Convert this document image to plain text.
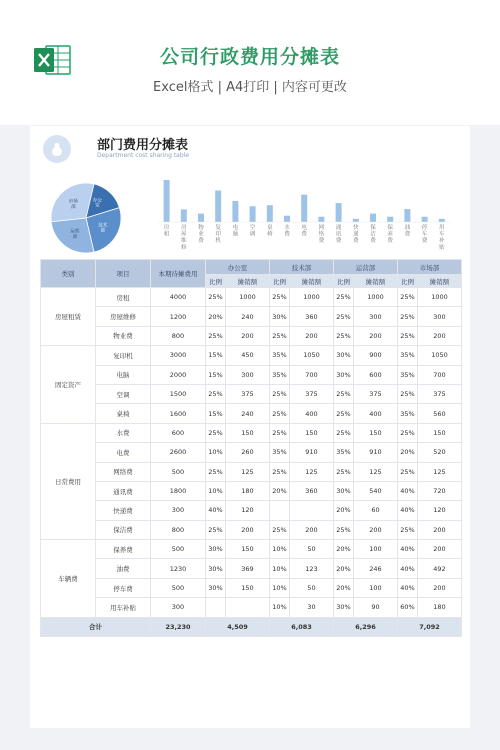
公司行政费用分摊表
Excel格式 | A4打印 | 内容可更改
部门费用分摊表
Department cost sharing table
办公室
技术部
运营部
市场部
房租
房屋维修
物业费
复印机
电脑
空调
桌椅
水费
电费
网络费
通讯费
快递费
保洁费
保养费
油费
停车费
用车补贴
类别	项目	本期待摊费用	办公室		技术部		运营部		市场部	
			比例	摊销额	比例	摊销额	比例	摊销额	比例	摊销额
房屋租赁	房租	4000	25%	1000	25%	1000	25%	1000	25%	1000
	房屋维修	1200	20%	240	30%	360	25%	300	25%	300
	物业费	800	25%	200	25%	200	25%	200	25%	200
固定资产	复印机	3000	15%	450	35%	1050	30%	900	35%	1050
	电脑	2000	15%	300	35%	700	30%	600	35%	700
	空调	1500	25%	375	25%	375	25%	375	25%	375
	桌椅	1600	15%	240	25%	400	25%	400	35%	560
日常费用	水费	600	25%	150	25%	150	25%	150	25%	150
	电费	2600	10%	260	35%	910	35%	910	20%	520
	网络费	500	25%	125	25%	125	25%	125	25%	125
	通讯费	1800	10%	180	20%	360	30%	540	40%	720
	快递费	300	40%	120			20%	60	40%	120
	保洁费	800	25%	200	25%	200	25%	200	25%	200
车辆费	保养费	500	30%	150	10%	50	20%	100	40%	200
	油费	1230	30%	369	10%	123	20%	246	40%	492
	停车费	500	30%	150	10%	50	20%	100	40%	200
	用车补贴	300			10%	30	30%	90	60%	180
合计		23,230	4,509		6,083		6,296		7,092	
